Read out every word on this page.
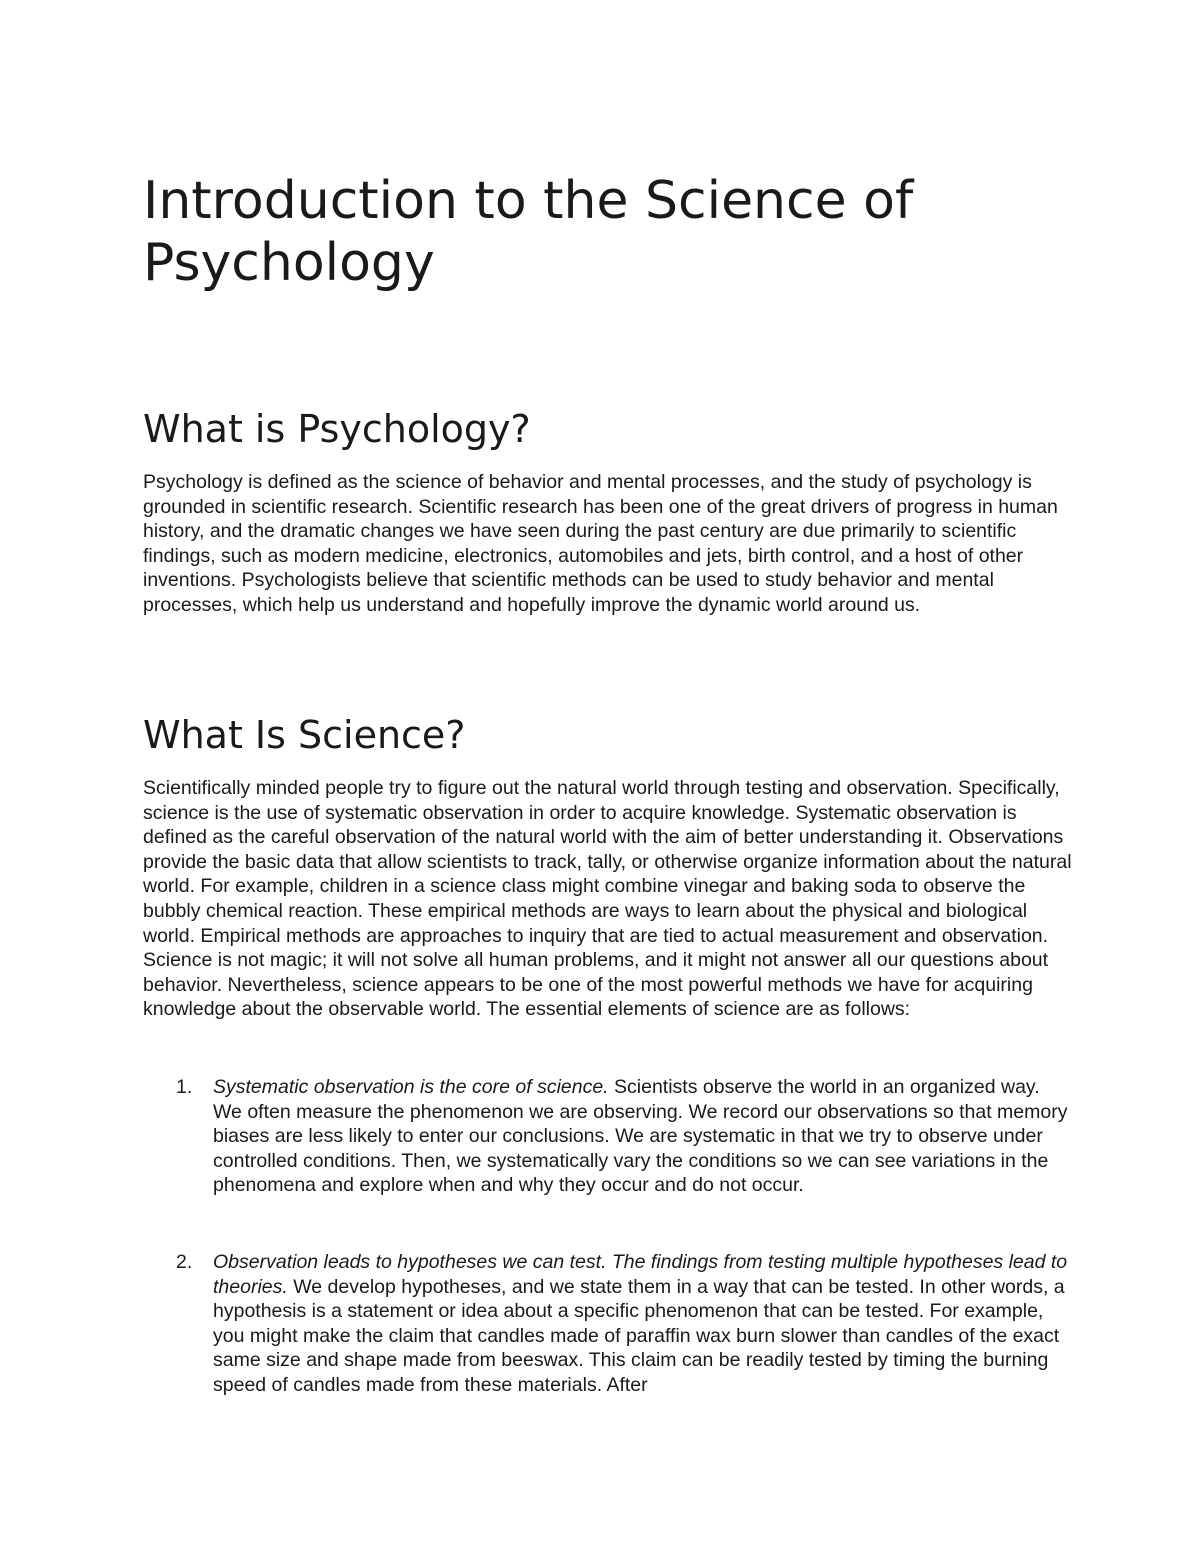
Introduction to the Science of Psychology
What is Psychology?

Psychology is defined as the science of behavior and mental processes, and the study of psychology is grounded in scientific research. Scientific research has been one of the great drivers of progress in human history, and the dramatic changes we have seen during the past century are due primarily to scientific findings, such as modern medicine, electronics, automobiles and jets, birth control, and a host of other inventions. Psychologists believe that scientific methods can be used to study behavior and mental processes, which help us understand and hopefully improve the dynamic world around us.

What Is Science?

Scientifically minded people try to figure out the natural world through testing and observation. Specifically, science is the use of systematic observation in order to acquire knowledge. Systematic observation is defined as the careful observation of the natural world with the aim of better understanding it. Observations provide the basic data that allow scientists to track, tally, or otherwise organize information about the natural world. For example, children in a science class might combine vinegar and baking soda to observe the bubbly chemical reaction. These empirical methods are ways to learn about the physical and biological world. Empirical methods are approaches to inquiry that are tied to actual measurement and observation. Science is not magic; it will not solve all human problems, and it might not answer all our questions about behavior. Nevertheless, science appears to be one of the most powerful methods we have for acquiring knowledge about the observable world. The essential elements of science are as follows:

1. Systematic observation is the core of science. Scientists observe the world in an organized way. We often measure the phenomenon we are observing. We record our observations so that memory biases are less likely to enter our conclusions. We are systematic in that we try to observe under controlled conditions. Then, we systematically vary the conditions so we can see variations in the phenomena and explore when and why they occur and do not occur.
2. Observation leads to hypotheses we can test. The findings from testing multiple hypotheses lead to theories. We develop hypotheses, and we state them in a way that can be tested. In other words, a hypothesis is a statement or idea about a specific phenomenon that can be tested. For example, you might make the claim that candles made of paraffin wax burn slower than candles of the exact same size and shape made from beeswax. This claim can be readily tested by timing the burning speed of candles made from these materials. After
